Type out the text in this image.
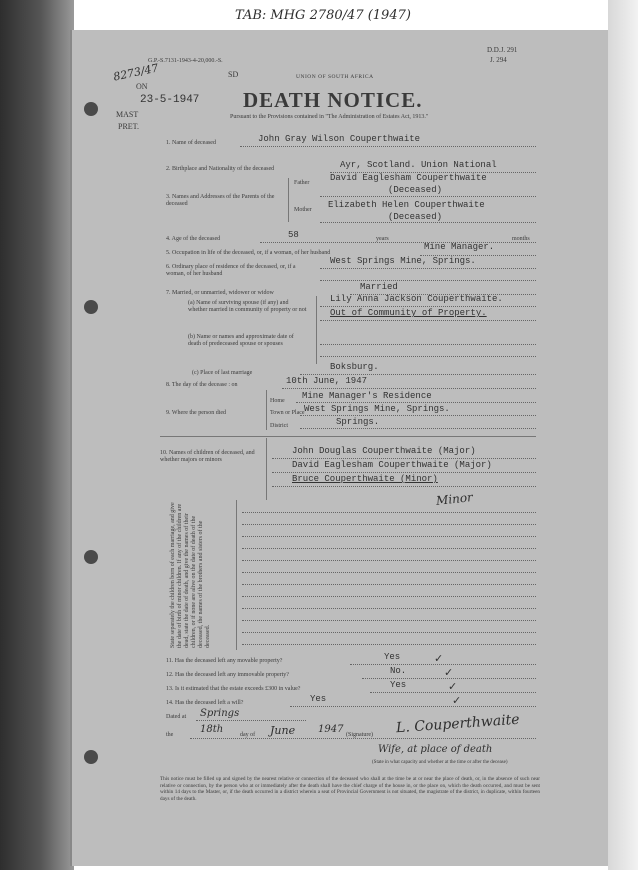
TAB: MHG 2780/47 (1947)
G.P.-S.7131-1943-4-20,000.-S.
D.D.J. 291
J. 294
8273/47
ON
23-5-1947
MAST
PRET.
SD	UNION OF SOUTH AFRICA
DEATH NOTICE.
Pursuant to the Provisions contained in "The Administration of Estates Act, 1913."
1. Name of deceased	John Gray Wilson Couperthwaite
2. Birthplace and Nationality of the deceased	Ayr, Scotland. Union National
3. Names and Addresses of the Parents of the deceased
Father David Eaglesham Couperthwaite
(Deceased)
Mother Elizabeth Helen Couperthwaite
(Deceased)
4. Age of the deceased	58	years	months
5. Occupation in life of the deceased, or, if a woman, of her husband
Mine Manager.
6. Ordinary place of residence of the deceased, or, if a woman, of her husband
West Springs Mine, Springs.
7. Married, or unmarried, widower or widow
Married
(a) Name of surviving spouse (if any) and whether married in community of property or not
Lily Anna Jackson Couperthwaite.
Out of Community of Property.
(b) Name or names and approximate date of death of predeceased spouse or spouses
(c) Place of last marriage
Boksburg.
8. The day of the decease : on	10th June, 1947
9. Where the person died
Home Mine Manager's Residence
Town or Place West Springs Mine, Springs.
District	Springs.
10. Names of children of deceased, and whether majors or minors
John Douglas Couperthwaite (Major)
David Eaglesham Couperthwaite (Major)
Bruce Couperthwaite (Minor)
Minor
State separately the children born of each marriage, and give the date of birth of minor children. If any of the children are dead, state the date of death, and give the names of their children, or if none are alive on the date of death of the deceased, the names of the brothers and sisters of the deceased.
11. Has the deceased left any movable property?	Yes	✓
12. Has the deceased left any immovable property?	No.	✓
13. Is it estimated that the estate exceeds £300 in value?	Yes	✓
14. Has the deceased left a will?	Yes	✓
Dated at Springs
the	18th	day of June 1947 (Signature) L. Couperthwaite
Wife, at place of death
(State in what capacity and whether at the time or after the decease)
This notice must be filled up and signed by the nearest relative or connection of the deceased who shall at the time be at or near the place of death, or, in the absence of such near relative or connection, by the person who at or immediately after the death shall have the chief charge of the house in, or the place on, which the death occurred, and must be sent within 14 days to the Master, or, if the death occurred in a district wherein a seat of Provincial Government is not situated, the magistrate of the district, in duplicate, within fourteen days of the death.
